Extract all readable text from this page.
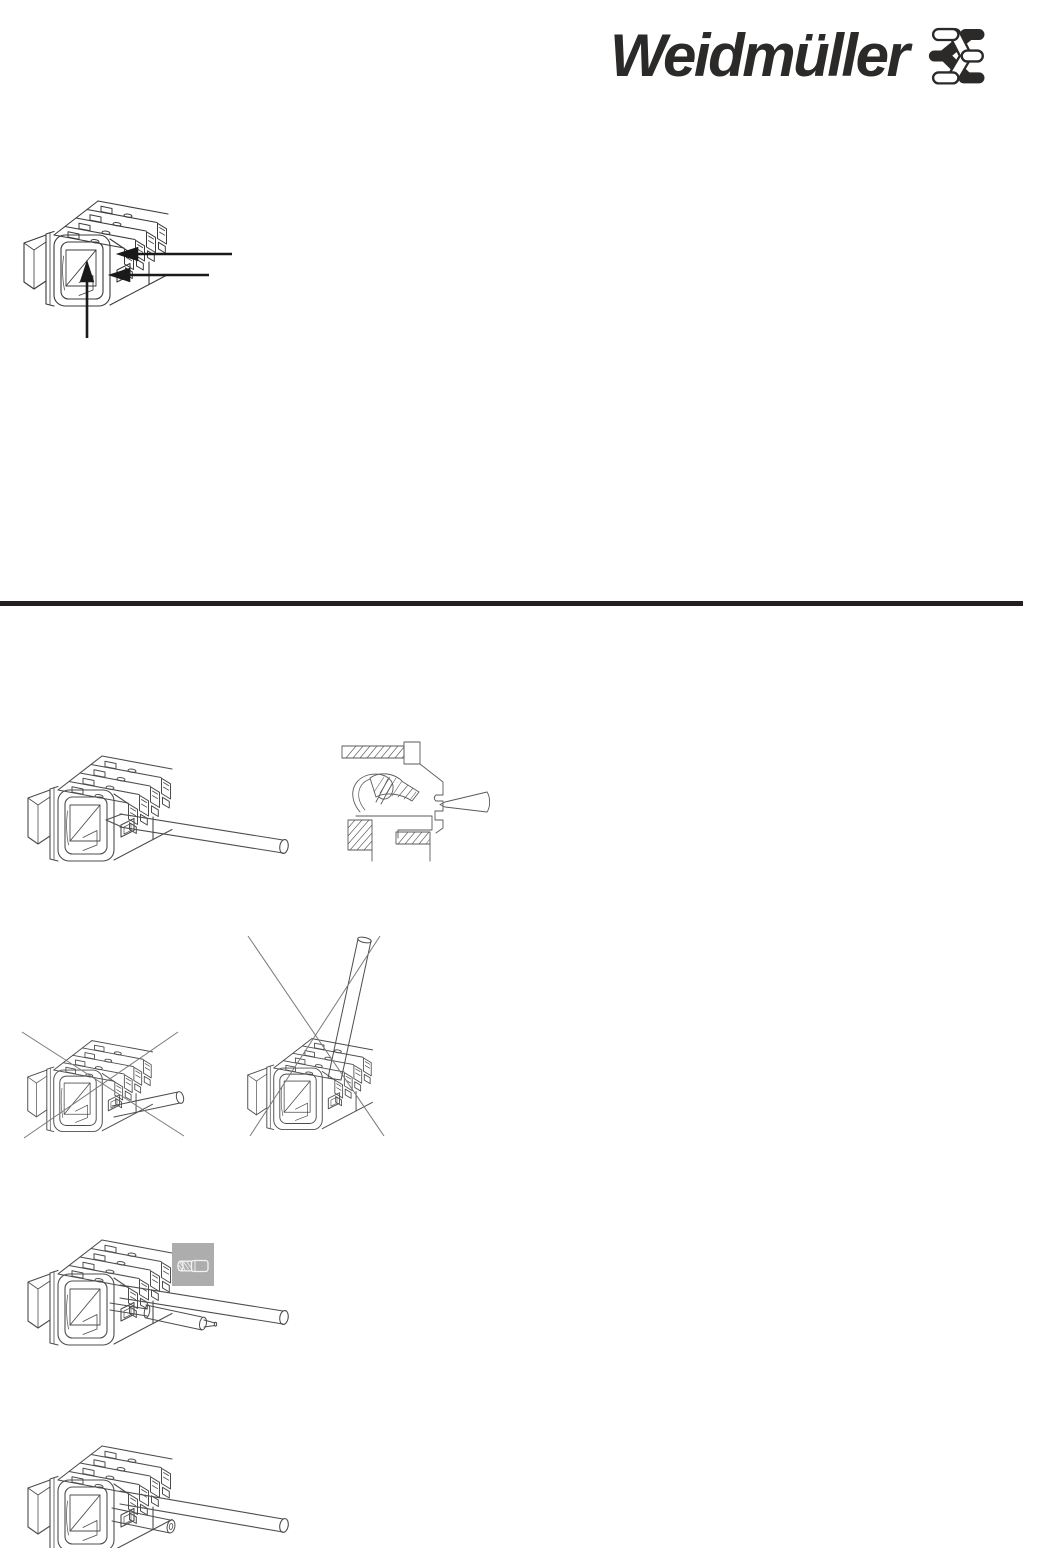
Weidmüller
